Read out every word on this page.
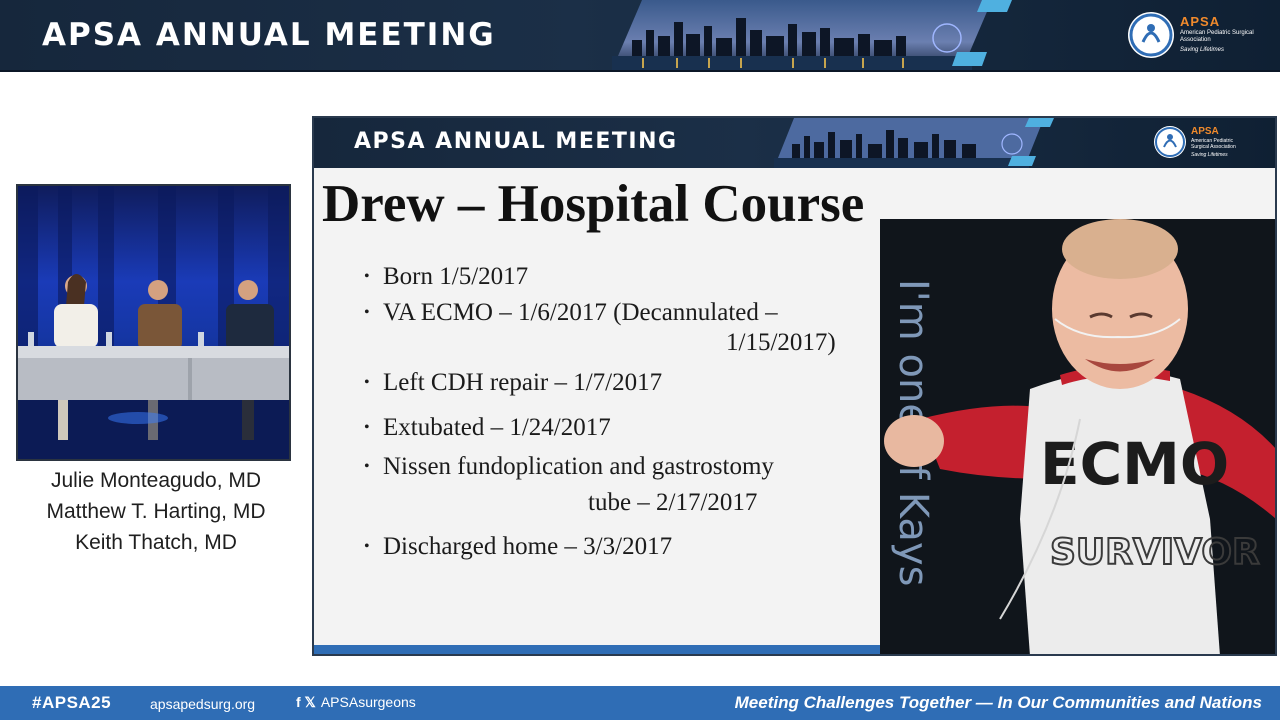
APSA ANNUAL MEETING	APSA
American Pediatric Surgical Association
Saving Lifetimes
Julie Monteagudo, MD
Matthew T. Harting, MD
Keith Thatch, MD
APSA ANNUAL MEETING	APSA
American Pediatric Surgical Association
Saving Lifetimes
Drew – Hospital Course
• Born 1/5/2017
• VA ECMO – 1/6/2017 (Decannulated –
1/15/2017)
• Left CDH repair – 1/7/2017
• Extubated – 1/24/2017
• Nissen fundoplication and gastrostomy
tube – 2/17/2017
• Discharged home – 3/3/2017
ECMO
SURVIVOR
#APSA25	apsapedsurg.org	f 𝕏 APSAsurgeons	Meeting Challenges Together — In Our Communities and Nations
